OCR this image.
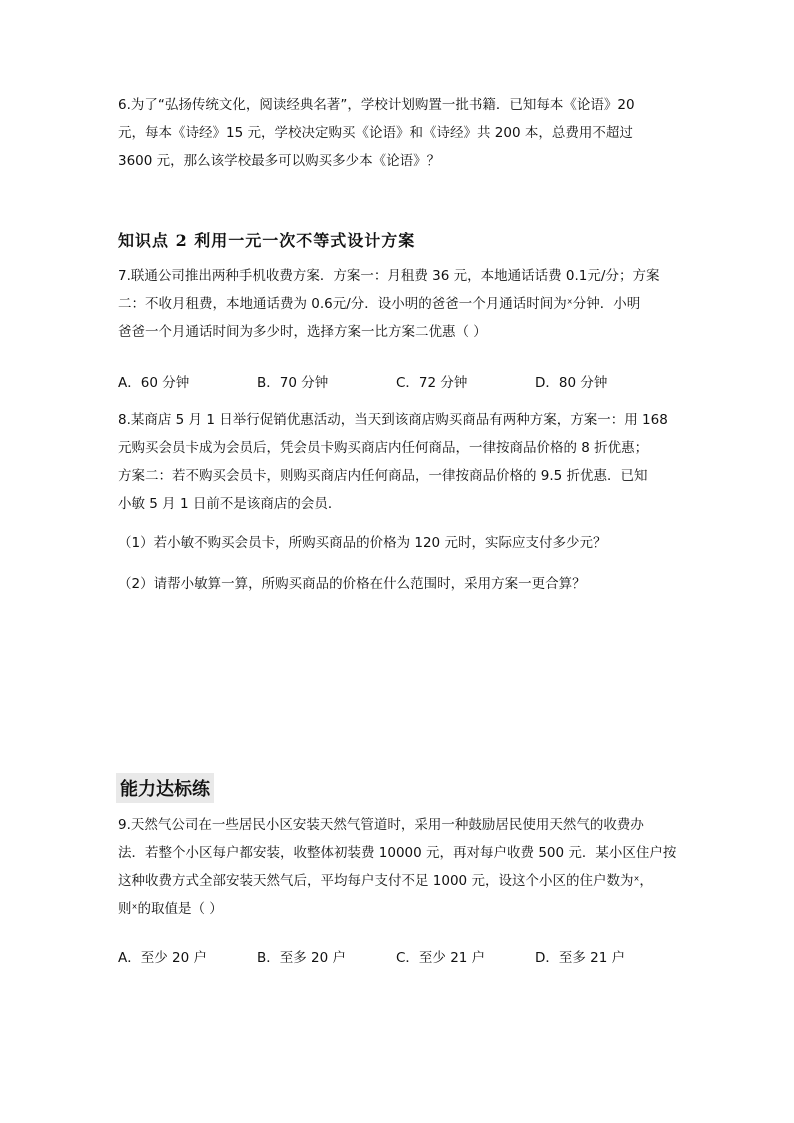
6.为了“弘扬传统文化，阅读经典名著”，学校计划购置一批书籍．已知每本《论语》20
元，每本《诗经》15 元，学校决定购买《论语》和《诗经》共 200 本，总费用不超过
3600 元，那么该学校最多可以购买多少本《论语》？
知识点 2 利用一元一次不等式设计方案
7.联通公司推出两种手机收费方案．方案一：月租费 36 元，本地通话话费 0.1元/分；方案
二：不收月租费，本地通话费为 0.6元/分．设小明的爸爸一个月通话时间为ˣ分钟．小明
爸爸一个月通话时间为多少时，选择方案一比方案二优惠（ ）
A．60 分钟	B．70 分钟	C．72 分钟	D．80 分钟
8.某商店 5 月 1 日举行促销优惠活动，当天到该商店购买商品有两种方案，方案一：用 168
元购买会员卡成为会员后，凭会员卡购买商店内任何商品，一律按商品价格的 8 折优惠；
方案二：若不购买会员卡，则购买商店内任何商品，一律按商品价格的 9.5 折优惠．已知
小敏 5 月 1 日前不是该商店的会员．
（1）若小敏不购买会员卡，所购买商品的价格为 120 元时，实际应支付多少元？
（2）请帮小敏算一算，所购买商品的价格在什么范围时，采用方案一更合算？
能力达标练
9.天然气公司在一些居民小区安装天然气管道时，采用一种鼓励居民使用天然气的收费办
法．若整个小区每户都安装，收整体初装费 10000 元，再对每户收费 500 元．某小区住户按
这种收费方式全部安装天然气后，平均每户支付不足 1000 元，设这个小区的住户数为ˣ，
则ˣ的取值是（ ）
A．至少 20 户	B．至多 20 户	C．至少 21 户	D．至多 21 户
